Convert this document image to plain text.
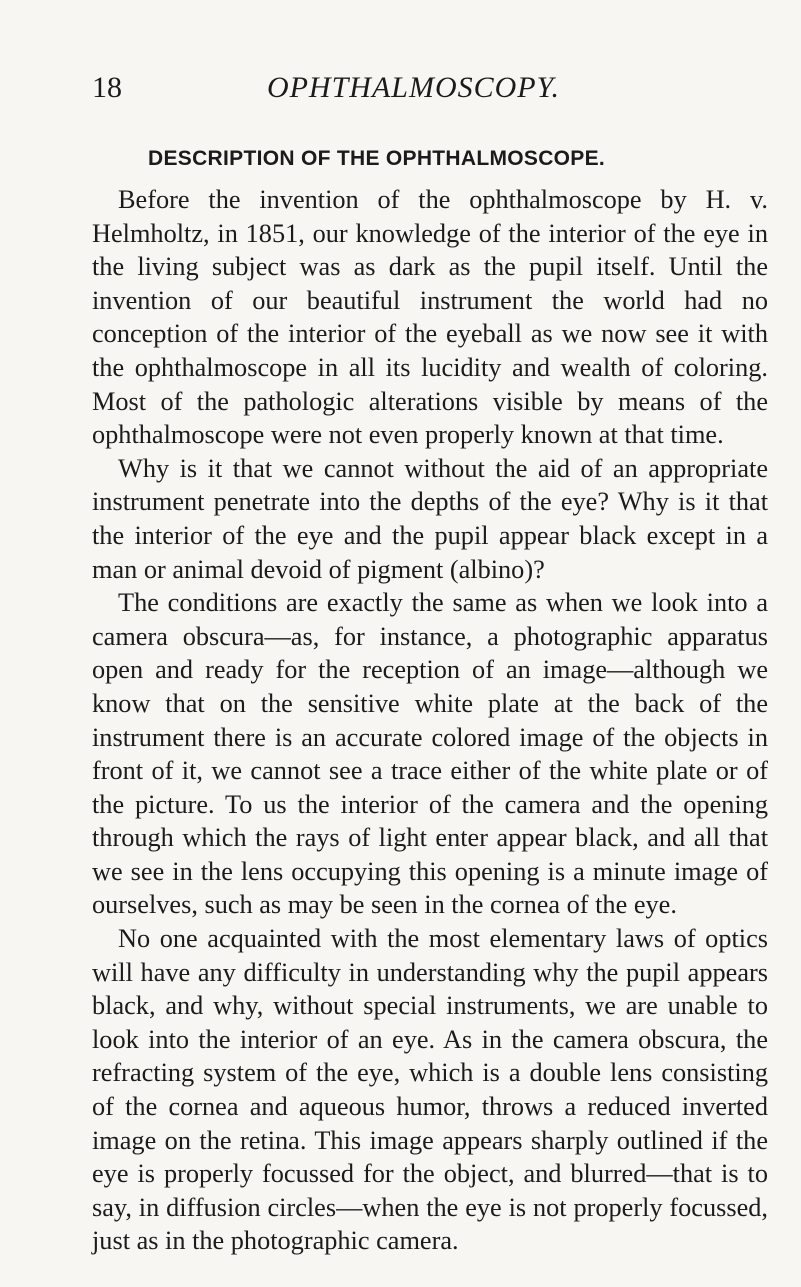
18	OPHTHALMOSCOPY.
DESCRIPTION OF THE OPHTHALMOSCOPE.

Before the invention of the ophthalmoscope by H. v. Helmholtz, in 1851, our knowledge of the interior of the eye in the living subject was as dark as the pupil itself. Until the invention of our beautiful instrument the world had no conception of the interior of the eyeball as we now see it with the ophthalmoscope in all its lucidity and wealth of coloring. Most of the pathologic alterations visible by means of the ophthalmoscope were not even properly known at that time.

Why is it that we cannot without the aid of an appropriate instrument penetrate into the depths of the eye? Why is it that the interior of the eye and the pupil appear black except in a man or animal devoid of pigment (albino)?

The conditions are exactly the same as when we look into a camera obscura—as, for instance, a photographic apparatus open and ready for the reception of an image—although we know that on the sensitive white plate at the back of the instrument there is an accurate colored image of the objects in front of it, we cannot see a trace either of the white plate or of the picture. To us the interior of the camera and the opening through which the rays of light enter appear black, and all that we see in the lens occupying this opening is a minute image of ourselves, such as may be seen in the cornea of the eye.

No one acquainted with the most elementary laws of optics will have any difficulty in understanding why the pupil appears black, and why, without special instruments, we are unable to look into the interior of an eye. As in the camera obscura, the refracting system of the eye, which is a double lens consisting of the cornea and aqueous humor, throws a reduced inverted image on the retina. This image appears sharply outlined if the eye is properly focussed for the object, and blurred—that is to say, in diffusion circles—when the eye is not properly focussed, just as in the photographic camera.
